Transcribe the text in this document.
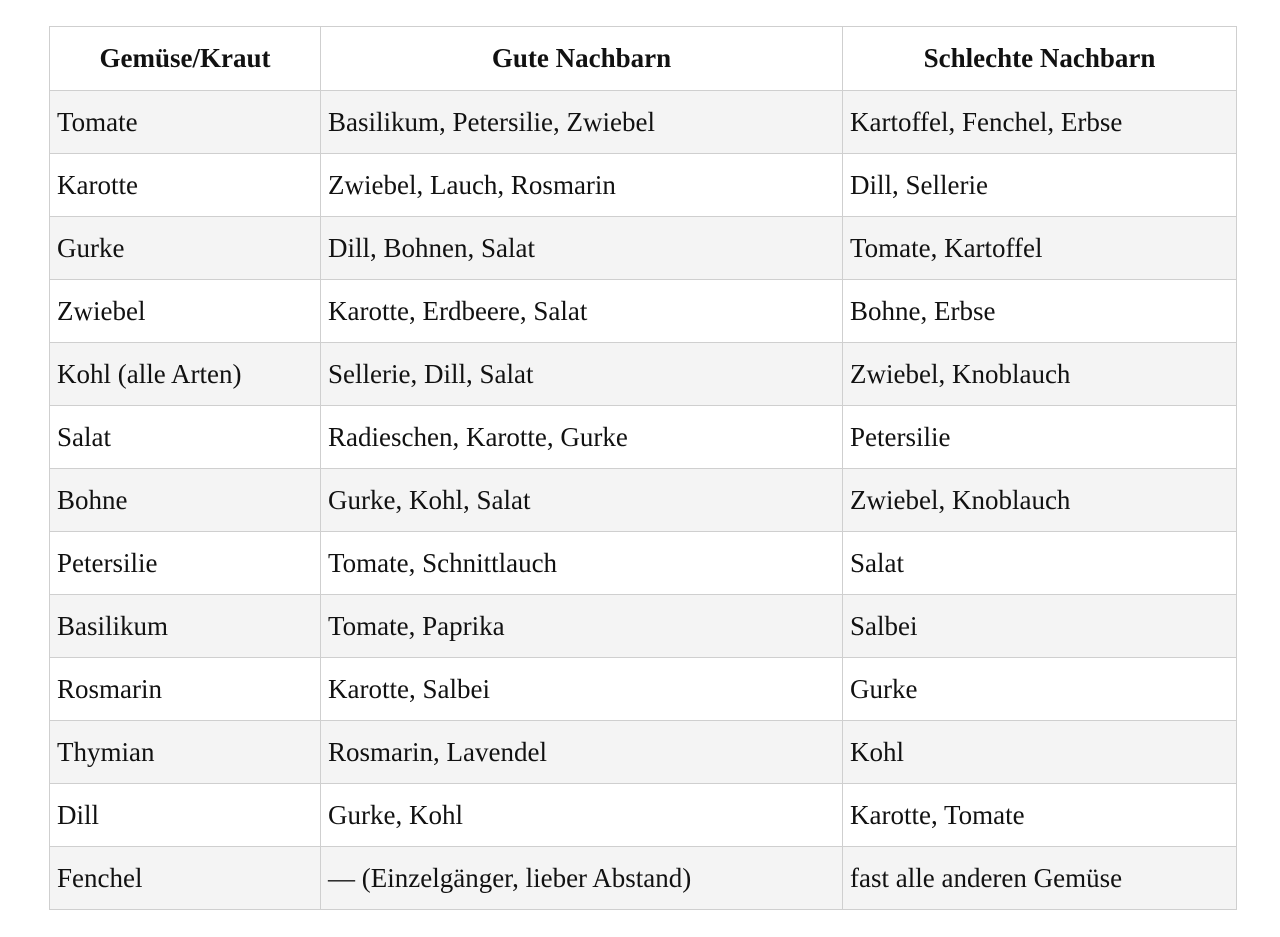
Gemüse/Kraut	Gute Nachbarn	Schlechte Nachbarn
Tomate	Basilikum, Petersilie, Zwiebel	Kartoffel, Fenchel, Erbse
Karotte	Zwiebel, Lauch, Rosmarin	Dill, Sellerie
Gurke	Dill, Bohnen, Salat	Tomate, Kartoffel
Zwiebel	Karotte, Erdbeere, Salat	Bohne, Erbse
Kohl (alle Arten)	Sellerie, Dill, Salat	Zwiebel, Knoblauch
Salat	Radieschen, Karotte, Gurke	Petersilie
Bohne	Gurke, Kohl, Salat	Zwiebel, Knoblauch
Petersilie	Tomate, Schnittlauch	Salat
Basilikum	Tomate, Paprika	Salbei
Rosmarin	Karotte, Salbei	Gurke
Thymian	Rosmarin, Lavendel	Kohl
Dill	Gurke, Kohl	Karotte, Tomate
Fenchel	— (Einzelgänger, lieber Abstand)	fast alle anderen Gemüse
